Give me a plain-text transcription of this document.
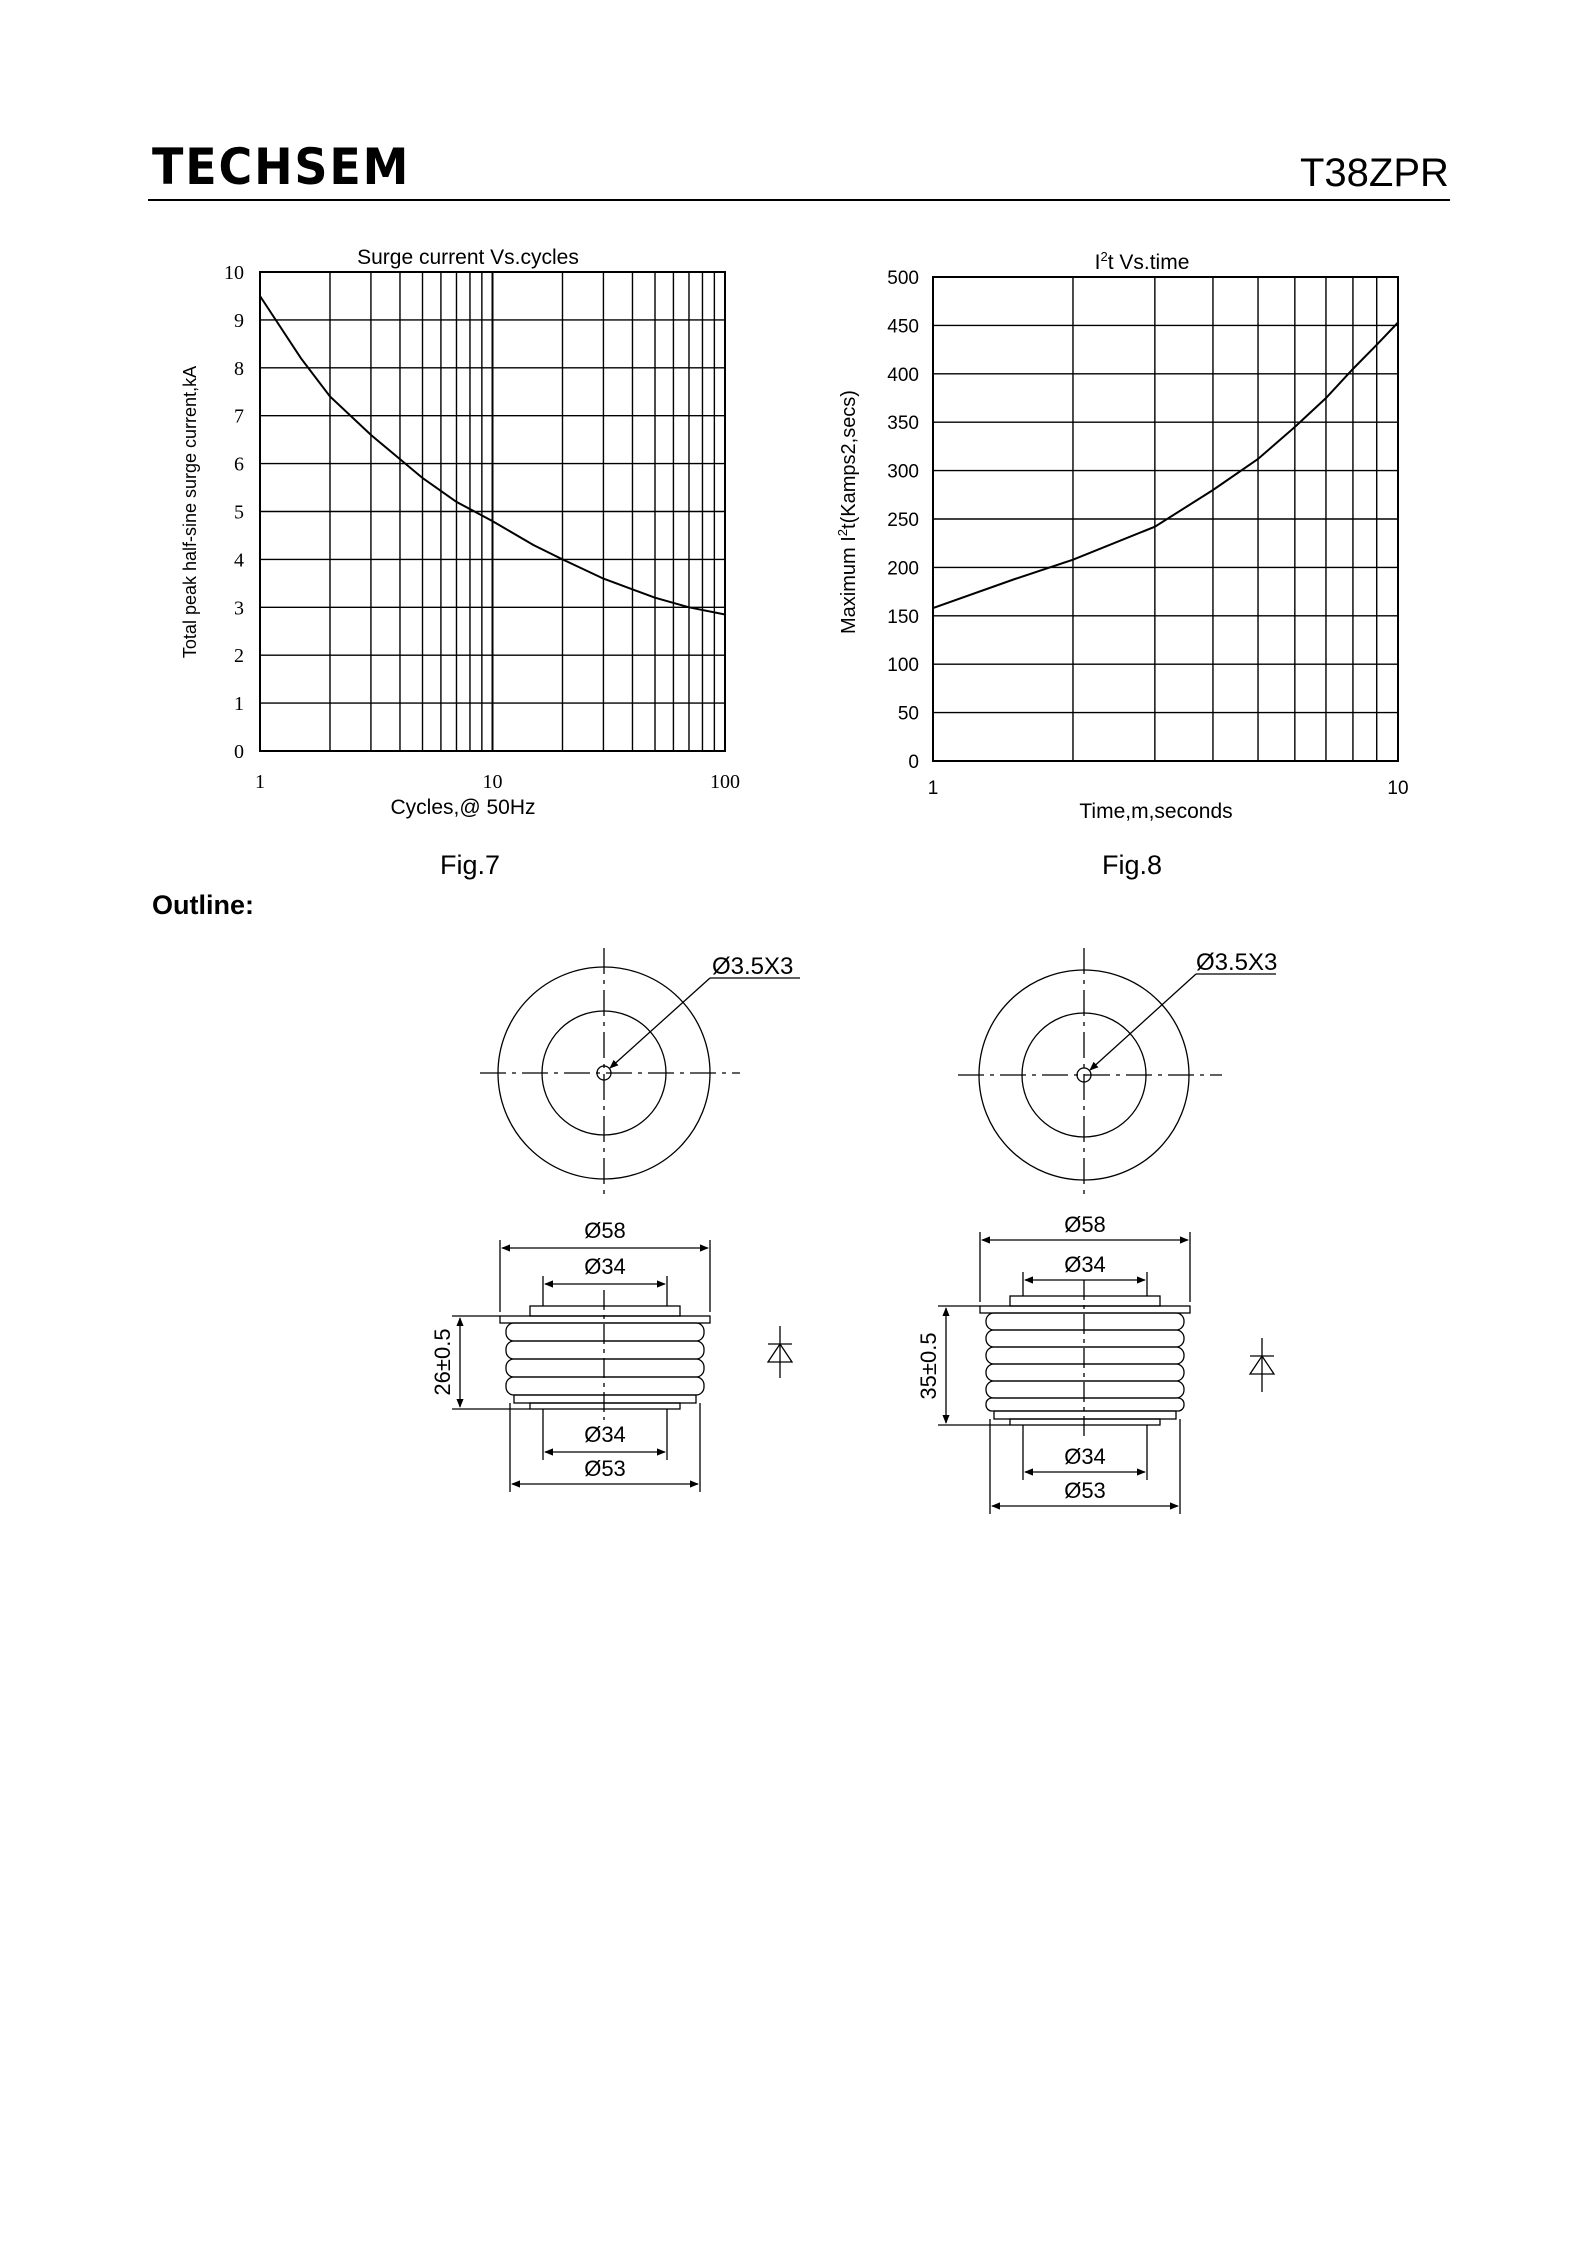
TECHSEM	T38ZPR
0
1
2
3
4
5
6
7
8
9
10
1	10	100
Surge current Vs.cycles
Cycles,@ 50Hz
Total peak half-sine surge current,kA
Fig.7
0
50
100
150
200
250
300
350
400
450
500
1	10
$I^2t$ Vs.time
Time,m,seconds
Maximum $I^2t(Kamps2,\sec s)$
Fig.8
Outline:
Ø3.5X3
Ø58
Ø34
Ø34
Ø53
26±0.5
Ø3.5X3
Ø58
Ø34
Ø34
Ø53
35±0.5
